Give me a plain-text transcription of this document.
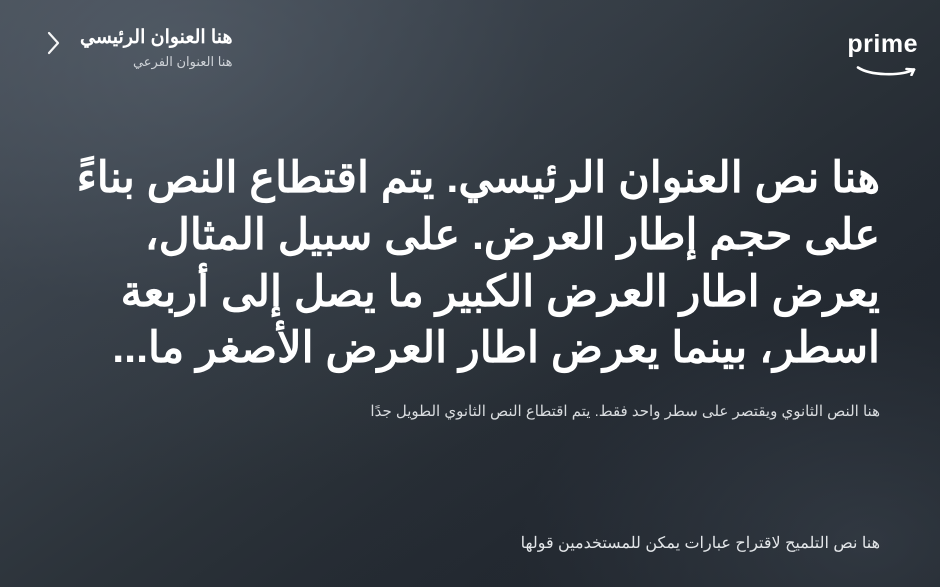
prime
هنا العنوان الرئيسي
هنا العنوان الفرعي
هنا نص العنوان الرئيسي. يتم اقتطاع النص بناءً على حجم إطار العرض. على سبيل المثال، يعرض اطار العرض الكبير ما يصل إلى أربعة اسطر، بينما يعرض اطار العرض الأصغر ما...
هنا النص الثانوي ويقتصر على سطر واحد فقط. يتم اقتطاع النص الثانوي الطويل جدًا
هنا نص التلميح لاقتراح عبارات يمكن للمستخدمين قولها
